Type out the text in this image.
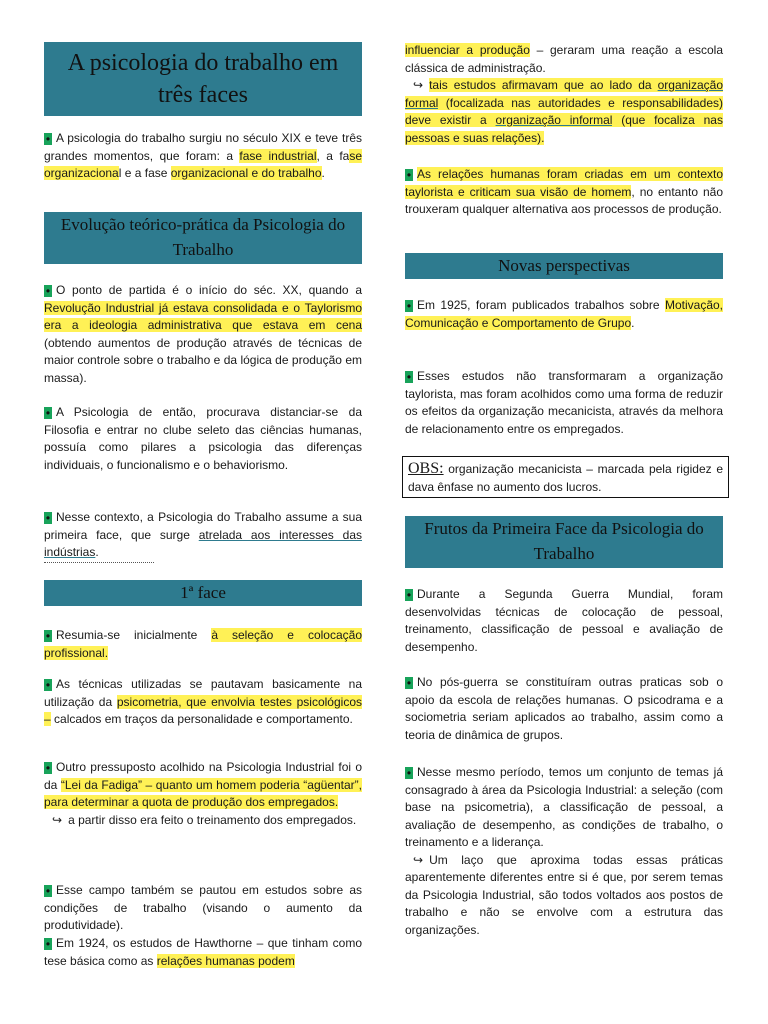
A psicologia do trabalho em três faces

•A psicologia do trabalho surgiu no século XIX e teve três grandes momentos, que foram: a fase industrial, a fase organizacional e a fase organizacional e do trabalho.

Evolução teórico-prática da Psicologia do Trabalho

•O ponto de partida é o início do séc. XX, quando a Revolução Industrial já estava consolidada e o Taylorismo era a ideologia administrativa que estava em cena (obtendo aumentos de produção através de técnicas de maior controle sobre o trabalho e da lógica de produção em massa).

•A Psicologia de então, procurava distanciar-se da Filosofia e entrar no clube seleto das ciências humanas, possuía como pilares a psicologia das diferenças individuais, o funcionalismo e o behaviorismo.

•Nesse contexto, a Psicologia do Trabalho assume a sua primeira face, que surge atrelada aos interesses das indústrias.

1ª face

•Resumia-se inicialmente à seleção e colocação profissional.

•As técnicas utilizadas se pautavam basicamente na utilização da psicometria, que envolvia testes psicológicos – calcados em traços da personalidade e comportamento.

•Outro pressuposto acolhido na Psicologia Industrial foi o da “Lei da Fadiga” – quanto um homem poderia “agüentar”, para determinar a quota de produção dos empregados.
↪ a partir disso era feito o treinamento dos empregados.

•Esse campo também se pautou em estudos sobre as condições de trabalho (visando o aumento da produtividade).

•Em 1924, os estudos de Hawthorne – que tinham como tese básica como as relações humanas podem

influenciar a produção – geraram uma reação a escola clássica de administração.
↪ tais estudos afirmavam que ao lado da organização formal (focalizada nas autoridades e responsabilidades) deve existir a organização informal (que focaliza nas pessoas e suas relações).

•As relações humanas foram criadas em um contexto taylorista e criticam sua visão de homem, no entanto não trouxeram qualquer alternativa aos processos de produção.

Novas perspectivas

•Em 1925, foram publicados trabalhos sobre Motivação, Comunicação e Comportamento de Grupo.

•Esses estudos não transformaram a organização taylorista, mas foram acolhidos como uma forma de reduzir os efeitos da organização mecanicista, através da melhora de relacionamento entre os empregados.

OBS: organização mecanicista – marcada pela rigidez e dava ênfase no aumento dos lucros.
Frutos da Primeira Face da Psicologia do Trabalho

•Durante a Segunda Guerra Mundial, foram desenvolvidas técnicas de colocação de pessoal, treinamento, classificação de pessoal e avaliação de desempenho.

•No pós-guerra se constituíram outras praticas sob o apoio da escola de relações humanas. O psicodrama e a sociometria seriam aplicados ao trabalho, assim como a teoria de dinâmica de grupos.

•Nesse mesmo período, temos um conjunto de temas já consagrado à área da Psicologia Industrial: a seleção (com base na psicometria), a classificação de pessoal, a avaliação de desempenho, as condições de trabalho, o treinamento e a liderança.
↪ Um laço que aproxima todas essas práticas aparentemente diferentes entre si é que, por serem temas da Psicologia Industrial, são todos voltados aos postos de trabalho e não se envolve com a estrutura das organizações.
